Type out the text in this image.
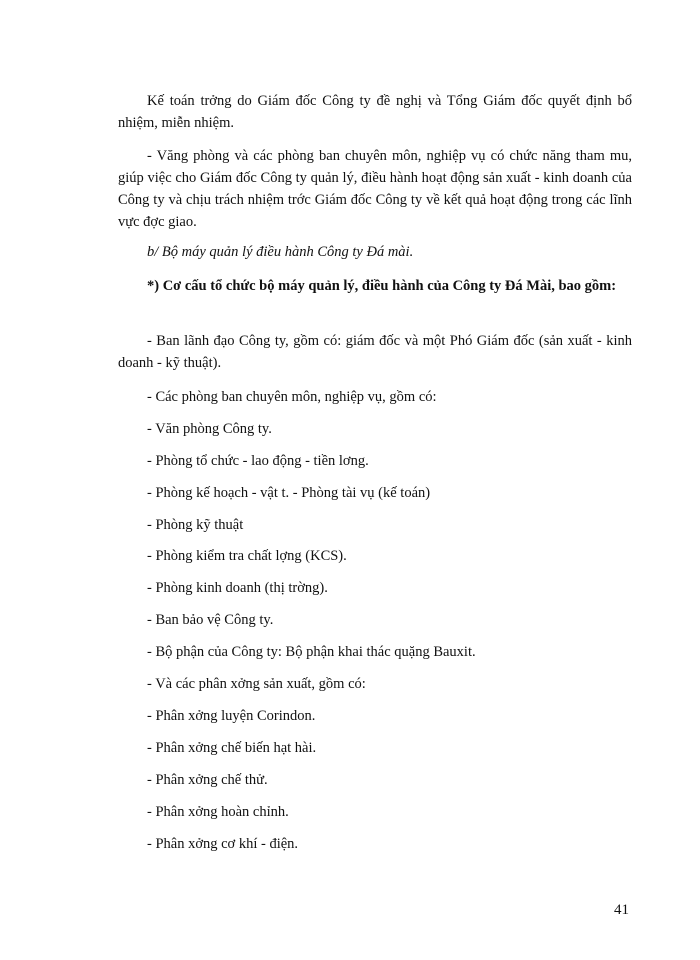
Kế toán trởng do Giám đốc Công ty đề nghị và Tổng Giám đốc quyết định bổ nhiệm, miễn nhiệm.

- Văng phòng và các phòng ban chuyên môn, nghiệp vụ có chức năng tham mu, giúp việc cho Giám đốc Công ty quản lý, điều hành hoạt động sản xuất - kinh doanh của Công ty và chịu trách nhiệm trớc Giám đốc Công ty về kết quả hoạt động trong các lĩnh vực đợc giao.

b/ Bộ máy quản lý điều hành Công ty Đá mài.

*) Cơ cấu tổ chức bộ máy quản lý, điều hành của Công ty Đá Mài, bao gồm:

- Ban lãnh đạo Công ty, gồm có: giám đốc và một Phó Giám đốc (sản xuất - kinh doanh - kỹ thuật).

- Các phòng ban chuyên môn, nghiệp vụ, gồm có:

- Văn phòng Công ty.

- Phòng tổ chức - lao động - tiền lơng.

- Phòng kế hoạch - vật t. - Phòng tài vụ (kế toán)

- Phòng kỹ thuật

- Phòng kiểm tra chất lợng (KCS).

- Phòng kinh doanh (thị trờng).

- Ban bảo vệ Công ty.

- Bộ phận của Công ty: Bộ phận khai thác quặng Bauxit.

- Và các phân xởng sản xuất, gồm có:

- Phân xởng luyện Corindon.

- Phân xởng chế biến hạt hài.

- Phân xởng chế thử.

- Phân xởng hoàn chỉnh.

- Phân xởng cơ khí - điện.

41
